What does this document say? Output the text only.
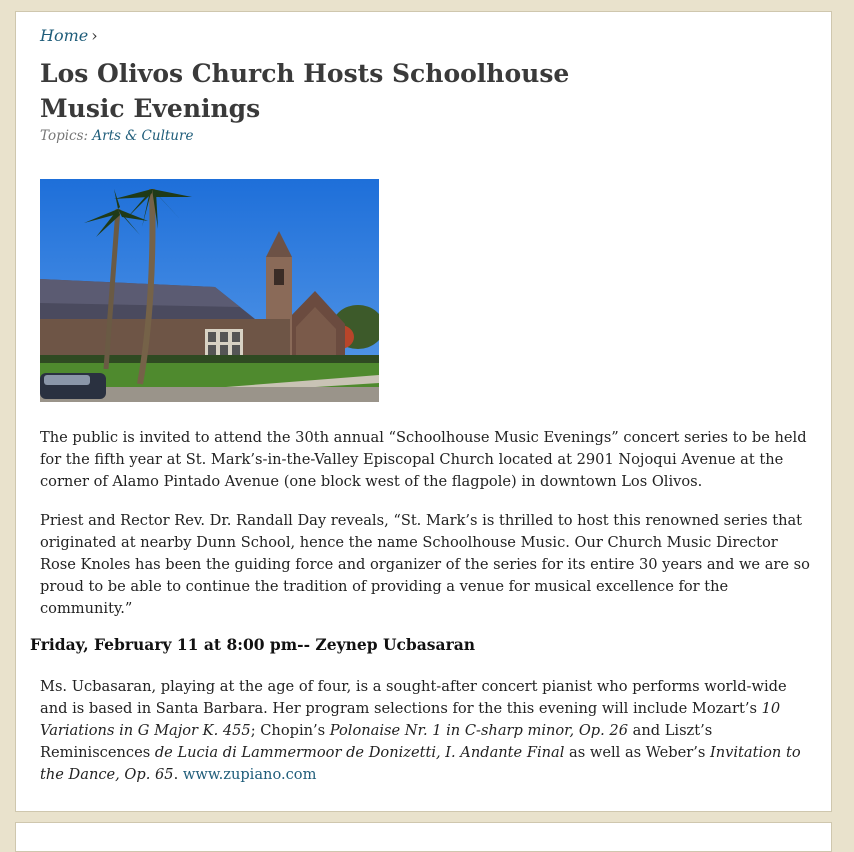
Home ›
Los Olivos Church Hosts Schoolhouse Music Evenings
Topics: Arts & Culture

The public is invited to attend the 30th annual “Schoolhouse Music Evenings” concert series to be held for the fifth year at St. Mark’s-in-the-Valley Episcopal Church located at 2901 Nojoqui Avenue at the corner of Alamo Pintado Avenue (one block west of the flagpole) in downtown Los Olivos.

Priest and Rector Rev. Dr. Randall Day reveals, “St. Mark’s is thrilled to host this renowned series that originated at nearby Dunn School, hence the name Schoolhouse Music. Our Church Music Director Rose Knoles has been the guiding force and organizer of the series for its entire 30 years and we are so proud to be able to continue the tradition of providing a venue for musical excellence for the community.”

Friday, February 11 at 8:00 pm-- Zeynep Ucbasaran

Ms. Ucbasaran, playing at the age of four, is a sought-after concert pianist who performs world-wide and is based in Santa Barbara. Her program selections for the this evening will include Mozart’s 10 Variations in G Major K. 455; Chopin’s Polonaise Nr. 1 in C-sharp minor, Op. 26 and Liszt’s Reminiscences de Lucia di Lammermoor de Donizetti, I. Andante Final as well as Weber’s Invitation to the Dance, Op. 65. www.zupiano.com
